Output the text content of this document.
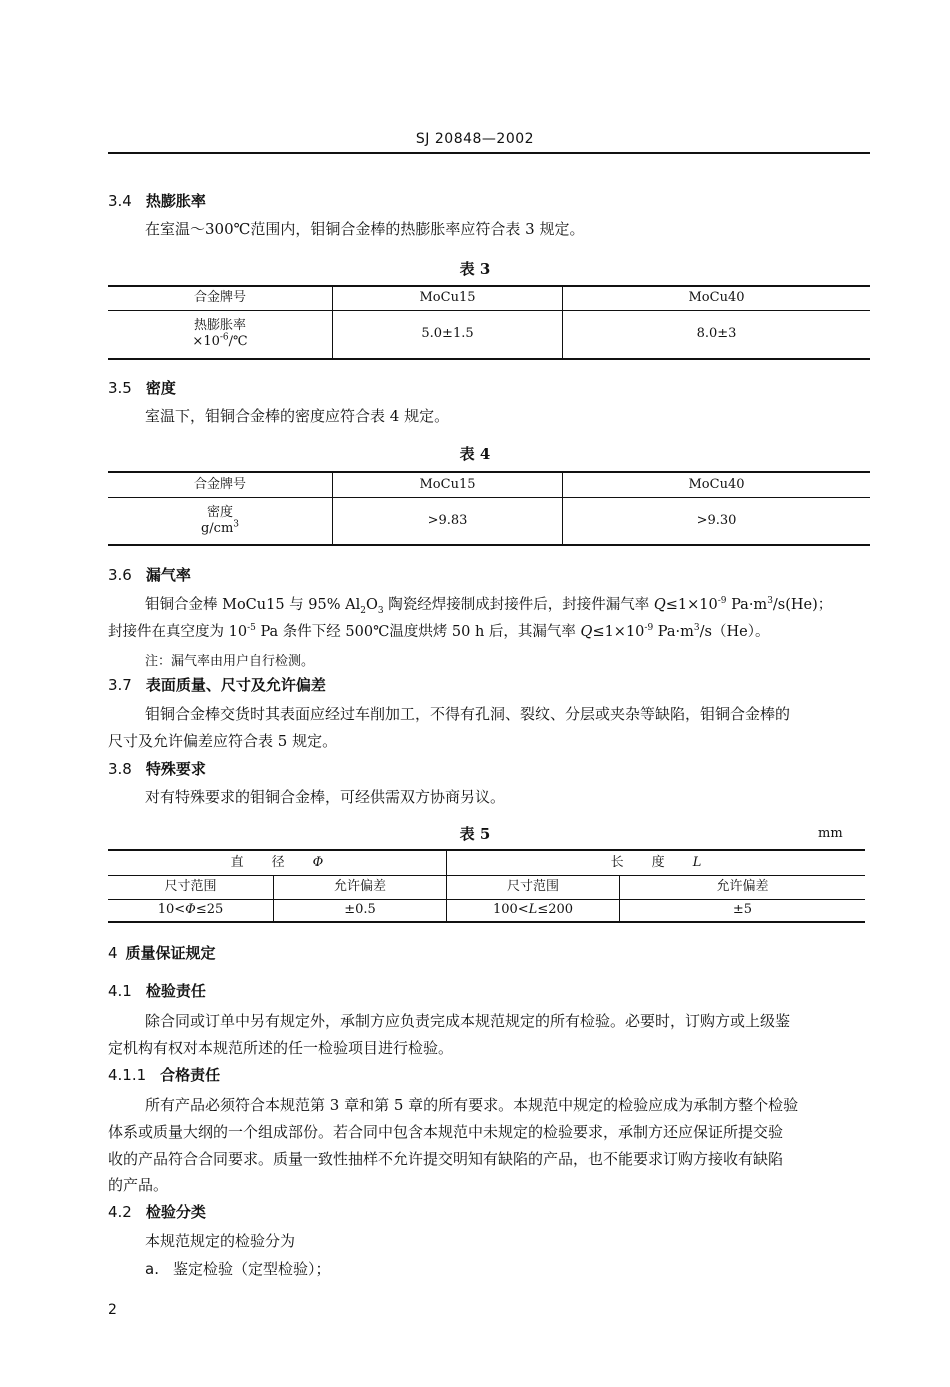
SJ 20848—2002
3.4 热膨胀率
在室温～300℃范围内，钼铜合金棒的热膨胀率应符合表 3 规定。
表 3
合金牌号	MoCu15	MoCu40
热膨胀率
$\times 10^{-6}/℃$	5.0±1.5	8.0±3
3.5 密度
室温下，钼铜合金棒的密度应符合表 4 规定。
表 4
合金牌号	MoCu15	MoCu40
密度
$g/cm^3$	>9.83	>9.30
3.6 漏气率
钼铜合金棒 MoCu15 与 95% $Al_2O_3$ 陶瓷经焊接制成封接件后，封接件漏气率 $Q\le 1\times 10^{-9}$ $Pa\cdot m^3/s(He)$；
封接件在真空度为 $10^{-5}$ Pa 条件下经 500℃温度烘烤 50 h 后，其漏气率 $Q\le 1\times 10^{-9}$ $Pa\cdot m^3/s(He)$。
注：漏气率由用户自行检测。
3.7 表面质量、尺寸及允许偏差
钼铜合金棒交货时其表面应经过车削加工，不得有孔洞、裂纹、分层或夹杂等缺陷，钼铜合金棒的
尺寸及允许偏差应符合表 5 规定。
3.8 特殊要求
对有特殊要求的钼铜合金棒，可经供需双方协商另议。
表 5	mm
直径Φ		长度L	
尺寸范围	允许偏差	尺寸范围	允许偏差
10<Φ≤25	±0.5	100<L≤200	±5
4 质量保证规定
4.1 检验责任
除合同或订单中另有规定外，承制方应负责完成本规范规定的所有检验。必要时，订购方或上级鉴
定机构有权对本规范所述的任一检验项目进行检验。
4.1.1 合格责任
所有产品必须符合本规范第 3 章和第 5 章的所有要求。本规范中规定的检验应成为承制方整个检验
体系或质量大纲的一个组成部份。若合同中包含本规范中未规定的检验要求，承制方还应保证所提交验
收的产品符合合同要求。质量一致性抽样不允许提交明知有缺陷的产品，也不能要求订购方接收有缺陷
的产品。
4.2 检验分类
本规范规定的检验分为
a. 鉴定检验（定型检验）；
2
